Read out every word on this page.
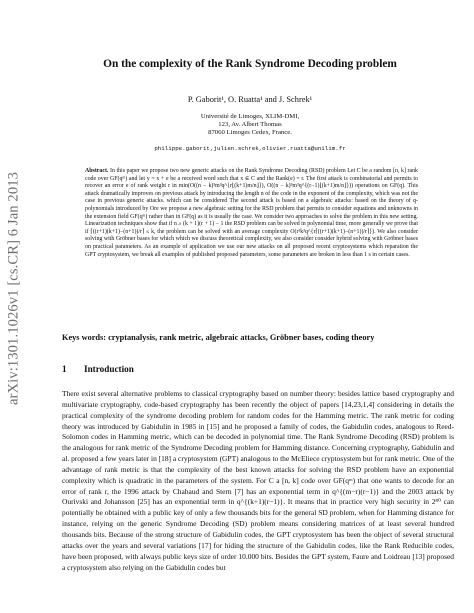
arXiv:1301.1026v1 [cs.CR] 6 Jan 2013
On the complexity of the Rank Syndrome Decoding problem
P. Gaborit¹, O. Ruatta¹ and J. Schrek¹
Université de Limoges, XLIM-DMI,
123, Av. Albert Thomas
87060 Limoges Cedex, France.
philippe.gaborit,julien.schrek,olivier.ruatta@unilim.fr
Abstract. In this paper we propose two new generic attacks on the Rank Syndrome Decoding (RSD) problem Let C be a random [n, k] rank code over GF(qᵐ) and let y = x + e be a received word such that x ∈ C and the Rank(e) = r. The first attack is combinatorial and permits to recover an error e of rank weight r in min(O((n − k)³m³q^{r⌊(k+1)m/n⌋}), O((n − k)³m³q^{(r−1)⌊(k+1)m/n⌋})) operations on GF(q). This attack dramatically improves on previous attack by introducing the length n of the code in the exponent of the complexity, which was not the case in previous generic attacks. which can be considered The second attack is based on a algebraic attacks: based on the theory of q-polynomials introduced by Ore we propose a new algebraic setting for the RSD problem that permits to consider equations and unknowns in the extension field GF(qᵐ) rather than in GF(q) as it is usually the case. We consider two approaches to solve the problem in this new setting. Linearization techniques show that if n ≥ (k + 1)(r + 1) − 1 the RSD problem can be solved in polynomial time, more generally we prove that if ⌈((r+1)(k+1)−(n+1))/r⌉ ≤ k, the problem can be solved with an average complexity O(r³k³q^{r⌈((r+1)(k+1)−(n+1))/r⌉}). We also consider solving with Gröbner bases for which which we discuss theoretical complexity, we also consider consider hybrid solving with Gröbner bases on practical parameters. As an example of application we use our new attacks on all proposed recent cryptosystems which reparation the GPT cryptosystem, we break all examples of published proposed parameters, some parameters are broken in less than 1 s in certain cases.
Keys words: cryptanalysis, rank metric, algebraic attacks, Gröbner bases, coding theory
1 Introduction
There exist several alternative problems to classical cryptography based on number theory: besides lattice based cryptography and multivariate cryptography, code-based cryptography has been recently the object of papers [14,23,1,4] considering in details the practical complexity of the syndrome decoding problem for random codes for the Hamming metric. The rank metric for coding theory was introduced by Gabidulin in 1985 in [15] and he proposed a family of codes, the Gabidulin codes, analogous to Reed-Solomon codes in Hamming metric, which can be decoded in polynomial time. The Rank Syndrome Decoding (RSD) problem is the analogous for rank metric of the Syndrome Decoding problem for Hamming distance. Concerning cryptography, Gabidulin and al. proposed a few years later in [18] a cryptosystem (GPT) analogous to the McEliece cryptosystem but for rank metric. One of the advantage of rank metric is that the complexity of the best known attacks for solving the RSD problem have an exponential complexity which is quadratic in the parameters of the system. For C a [n, k] code over GF(qᵐ) that one wants to decode for an error of rank r, the 1996 attack by Chabaud and Stern [7] has an exponential term in q^{(m−r)(r−1)} and the 2003 attack by Ourivski and Johansson [25] has an exponential term in q^{(k+1)(r−1)}. It means that in practice very high security in 2⁸⁰ can potentially be obtained with a public key of only a few thousands bits for the general SD problem, when for Hamming distance for instance, relying on the generic Syndrome Decoding (SD) problem means considering matrices of at least several hundred thousands bits. Because of the strong structure of Gabidulin codes, the GPT cryptosystem has been the object of several structural attacks over the years and several variations [17] for hiding the structure of the Gabidulin codes, like the Rank Reducible codes, have been proposed, with always public keys size of order 10.000 bits. Besides the GPT system, Faure and Loidreau [13] proposed a cryptosystem also relying on the Gabidulin codes but
